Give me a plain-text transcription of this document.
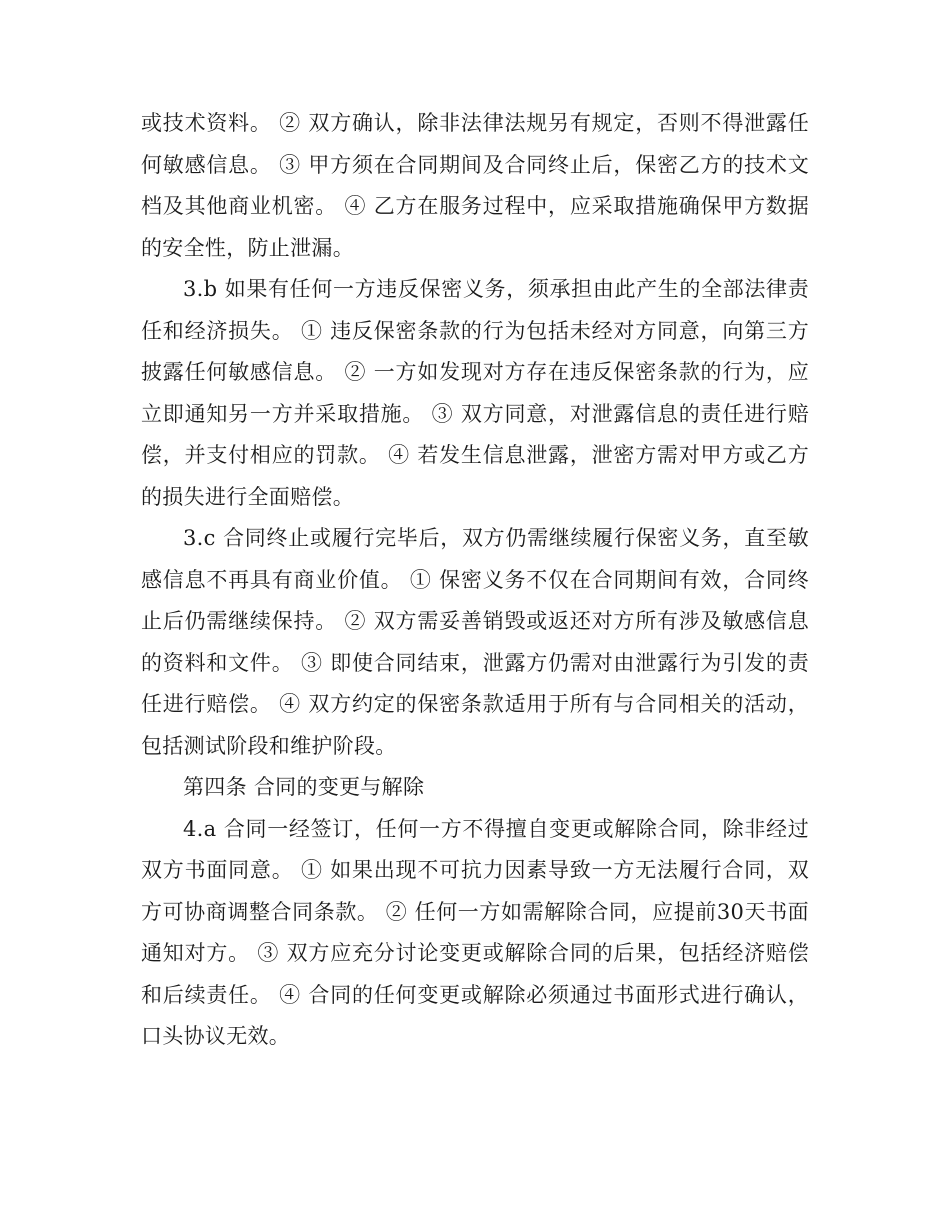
或技术资料。 ② 双方确认，除非法律法规另有规定，否则不得泄露任何敏感信息。 ③ 甲方须在合同期间及合同终止后，保密乙方的技术文档及其他商业机密。 ④ 乙方在服务过程中，应采取措施确保甲方数据的安全性，防止泄漏。

3.b 如果有任何一方违反保密义务，须承担由此产生的全部法律责任和经济损失。 ① 违反保密条款的行为包括未经对方同意，向第三方披露任何敏感信息。 ② 一方如发现对方存在违反保密条款的行为，应立即通知另一方并采取措施。 ③ 双方同意，对泄露信息的责任进行赔偿，并支付相应的罚款。 ④ 若发生信息泄露，泄密方需对甲方或乙方的损失进行全面赔偿。

3.c 合同终止或履行完毕后，双方仍需继续履行保密义务，直至敏感信息不再具有商业价值。 ① 保密义务不仅在合同期间有效，合同终止后仍需继续保持。 ② 双方需妥善销毁或返还对方所有涉及敏感信息的资料和文件。 ③ 即使合同结束，泄露方仍需对由泄露行为引发的责任进行赔偿。 ④ 双方约定的保密条款适用于所有与合同相关的活动，包括测试阶段和维护阶段。

第四条 合同的变更与解除

4.a 合同一经签订，任何一方不得擅自变更或解除合同，除非经过双方书面同意。 ① 如果出现不可抗力因素导致一方无法履行合同，双方可协商调整合同条款。 ② 任何一方如需解除合同，应提前30天书面通知对方。 ③ 双方应充分讨论变更或解除合同的后果，包括经济赔偿和后续责任。 ④ 合同的任何变更或解除必须通过书面形式进行确认，口头协议无效。
